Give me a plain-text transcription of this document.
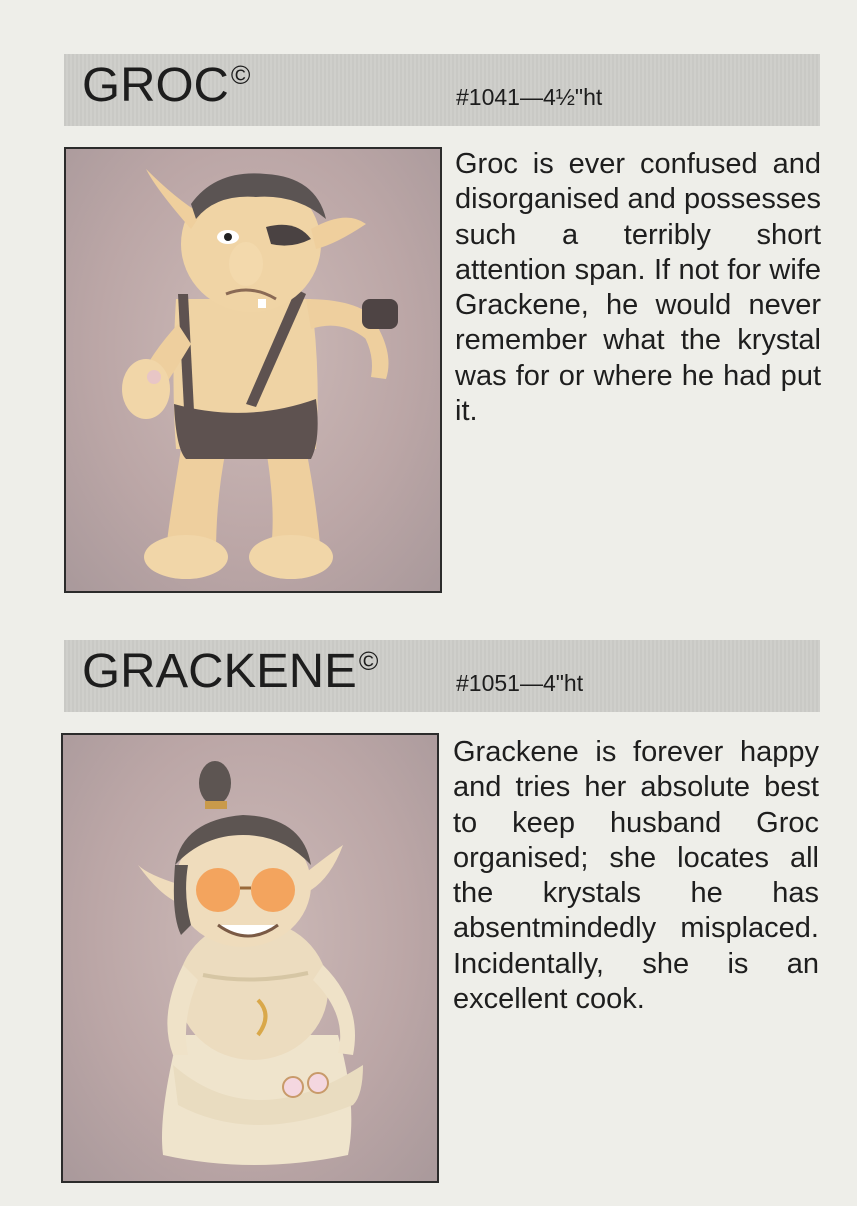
GROC©
#1041—4½"ht
Groc is ever confused and disorganised and possesses such a terribly short attention span. If not for wife Grackene, he would never remember what the krystal was for or where he had put it.
GRACKENE©
#1051—4"ht
Grackene is forever happy and tries her absolute best to keep husband Groc organised; she locates all the krystals he has absentmindedly misplaced. Incidentally, she is an excellent cook.
